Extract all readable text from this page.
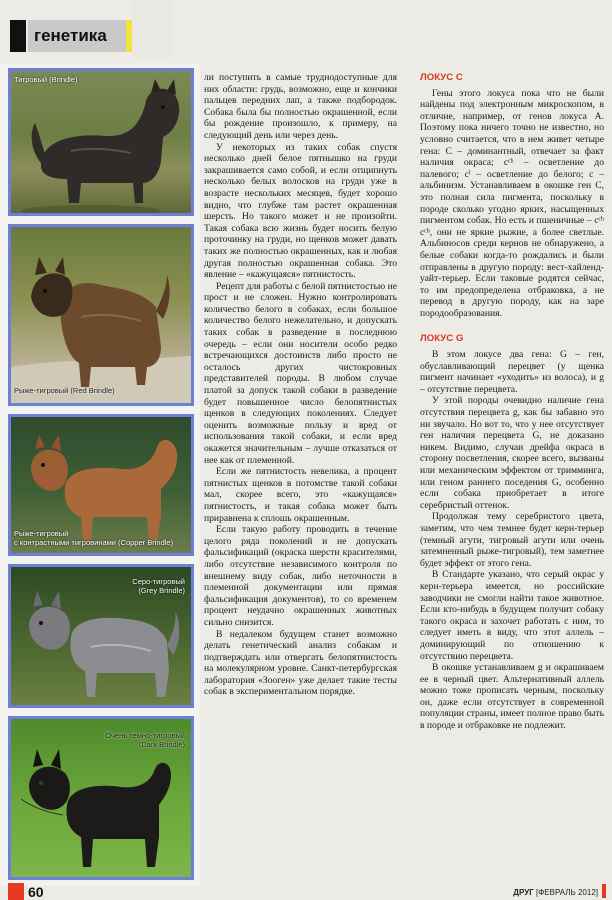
генетика
Тигровый (Brindle)
Рыже-тигровый (Red Brindle)
Рыже-тигровый
с контрастными тигровинами (Copper Brindle)
Серо-тигровый
(Grey Brindle)
Очень темно-тигровый
(Dark Brindle)

ли поступить в самые труднодоступные для них области: грудь, возможно, еще и кончики пальцев передних лап, а также подбородок. Собака была бы полностью окрашенной, если бы рождение произошло, к примеру, на следующий день или через день.

У некоторых из таких собак спустя несколько дней белое пятнышко на груди закрашивается само собой, и если отщипнуть несколько белых волосков на груди уже в возрасте нескольких месяцев, будет хорошо видно, что глубже там растет окрашенная шерсть. Но такого может и не произойти. Такая собака всю жизнь будет носить белую проточинку на груди, но щенков может давать таких же полностью окрашенных, как и любая другая полностью окрашенная собака. Это явление – «кажущаяся» пятнистость.

Рецепт для работы с белой пятнистостью не прост и не сложен. Нужно контролировать количество белого в собаках, если большое количество белого нежелательно, и допускать таких собак в разведение в последнюю очередь – если они носители особо редко встречающихся достоинств либо просто не осталось других чистокровных представителей породы. В любом случае платой за допуск такой собаки в разведение будет повышенное число белопятнистых щенков в следующих поколениях. Следует оценить возможные пользу и вред от использования такой собаки, и если вред окажется значительным – лучше отказаться от нее как от племенной.

Если же пятнистость невелика, а процент пятнистых щенков в потомстве такой собаки мал, скорее всего, это «кажущаяся» пятнистость, и такая собака может быть приравнена к сплошь окрашенным.

Если такую работу проводить в течение целого ряда поколений и не допускать фальсификаций (окраска шерсти красителями, либо отсутствие независимого контроля по внешнему виду собак, либо неточности в племенной документации или прямая фальсификация документов), то со временем процент неудачно окрашенных животных сильно снизится.

В недалеком будущем станет возможно делать генетический анализ собакам и подтверждать или отвергать белопятнистость на молекулярном уровне. Санкт-петербургская лаборатория «Зооген» уже делает такие тесты собак в экспериментальном порядке.

ЛОКУС С

Гены этого локуса пока что не были найдены под электронным микроскопом, в отличие, например, от генов локуса A. Поэтому пока ничего точно не известно, но условно считается, что в нем живет четыре гена: C – доминантный, отвечает за факт наличия окраса; cᶜʰ – осветление до палевого; cˡ – осветление до белого; c – альбинизм. Устанавливаем в окошке ген C, это полная сила пигмента, поскольку в породе сколько угодно ярких, насыщенных пигментом собак. Но есть и пшеничные – cᶜʰ cᶜʰ, они не яркие рыжие, а более светлые. Альбиносов среди кернов не обнаружено, а белые собаки когда-то рождались и были отправлены в другую породу: вест-хайленд-уайт-терьер. Если таковые родятся сейчас, то им предопределена отбраковка, а не перевод в другую породу, как на заре породообразования.

ЛОКУС G

В этом локусе два гена: G – ген, обуславливающий перецвет (у щенка пигмент начинает «уходить» из волоса), и g – отсутствие перецвета.

У этой породы очевидно наличие гена отсутствия перецвета g, как бы забавно это ни звучало. Но вот то, что у нее отсутствует ген наличия перецвета G, не доказано никем. Видимо, случаи дрейфа окраса в сторону посветления, скорее всего, вызваны или механическим эффектом от тримминга, или геном раннего поседения G, особенно если собака приобретает в итоге серебристый оттенок.

Продолжая тему серебристого цвета, заметим, что чем темнее будет керн-терьер (темный агути, тигровый агути или очень затемненный рыже-тигровый), тем заметнее будет эффект от этого гена.

В Стандарте указано, что серый окрас у керн-терьера имеется, но российские заводчики не смогли найти такое животное. Если кто-нибудь в будущем получит собаку такого окраса и захочет работать с ним, то следует иметь в виду, что этот аллель – доминирующий по отношению к отсутствию перецвета.

В окошке устанавливаем g и окрашиваем ее в черный цвет. Альтернативный аллель можно тоже прописать черным, поскольку он, даже если отсутствует в современной популяции страны, имеет полное право быть в породе и отбраковке не подлежит.

60	ДРУГ [ФЕВРАЛЬ 2012]
